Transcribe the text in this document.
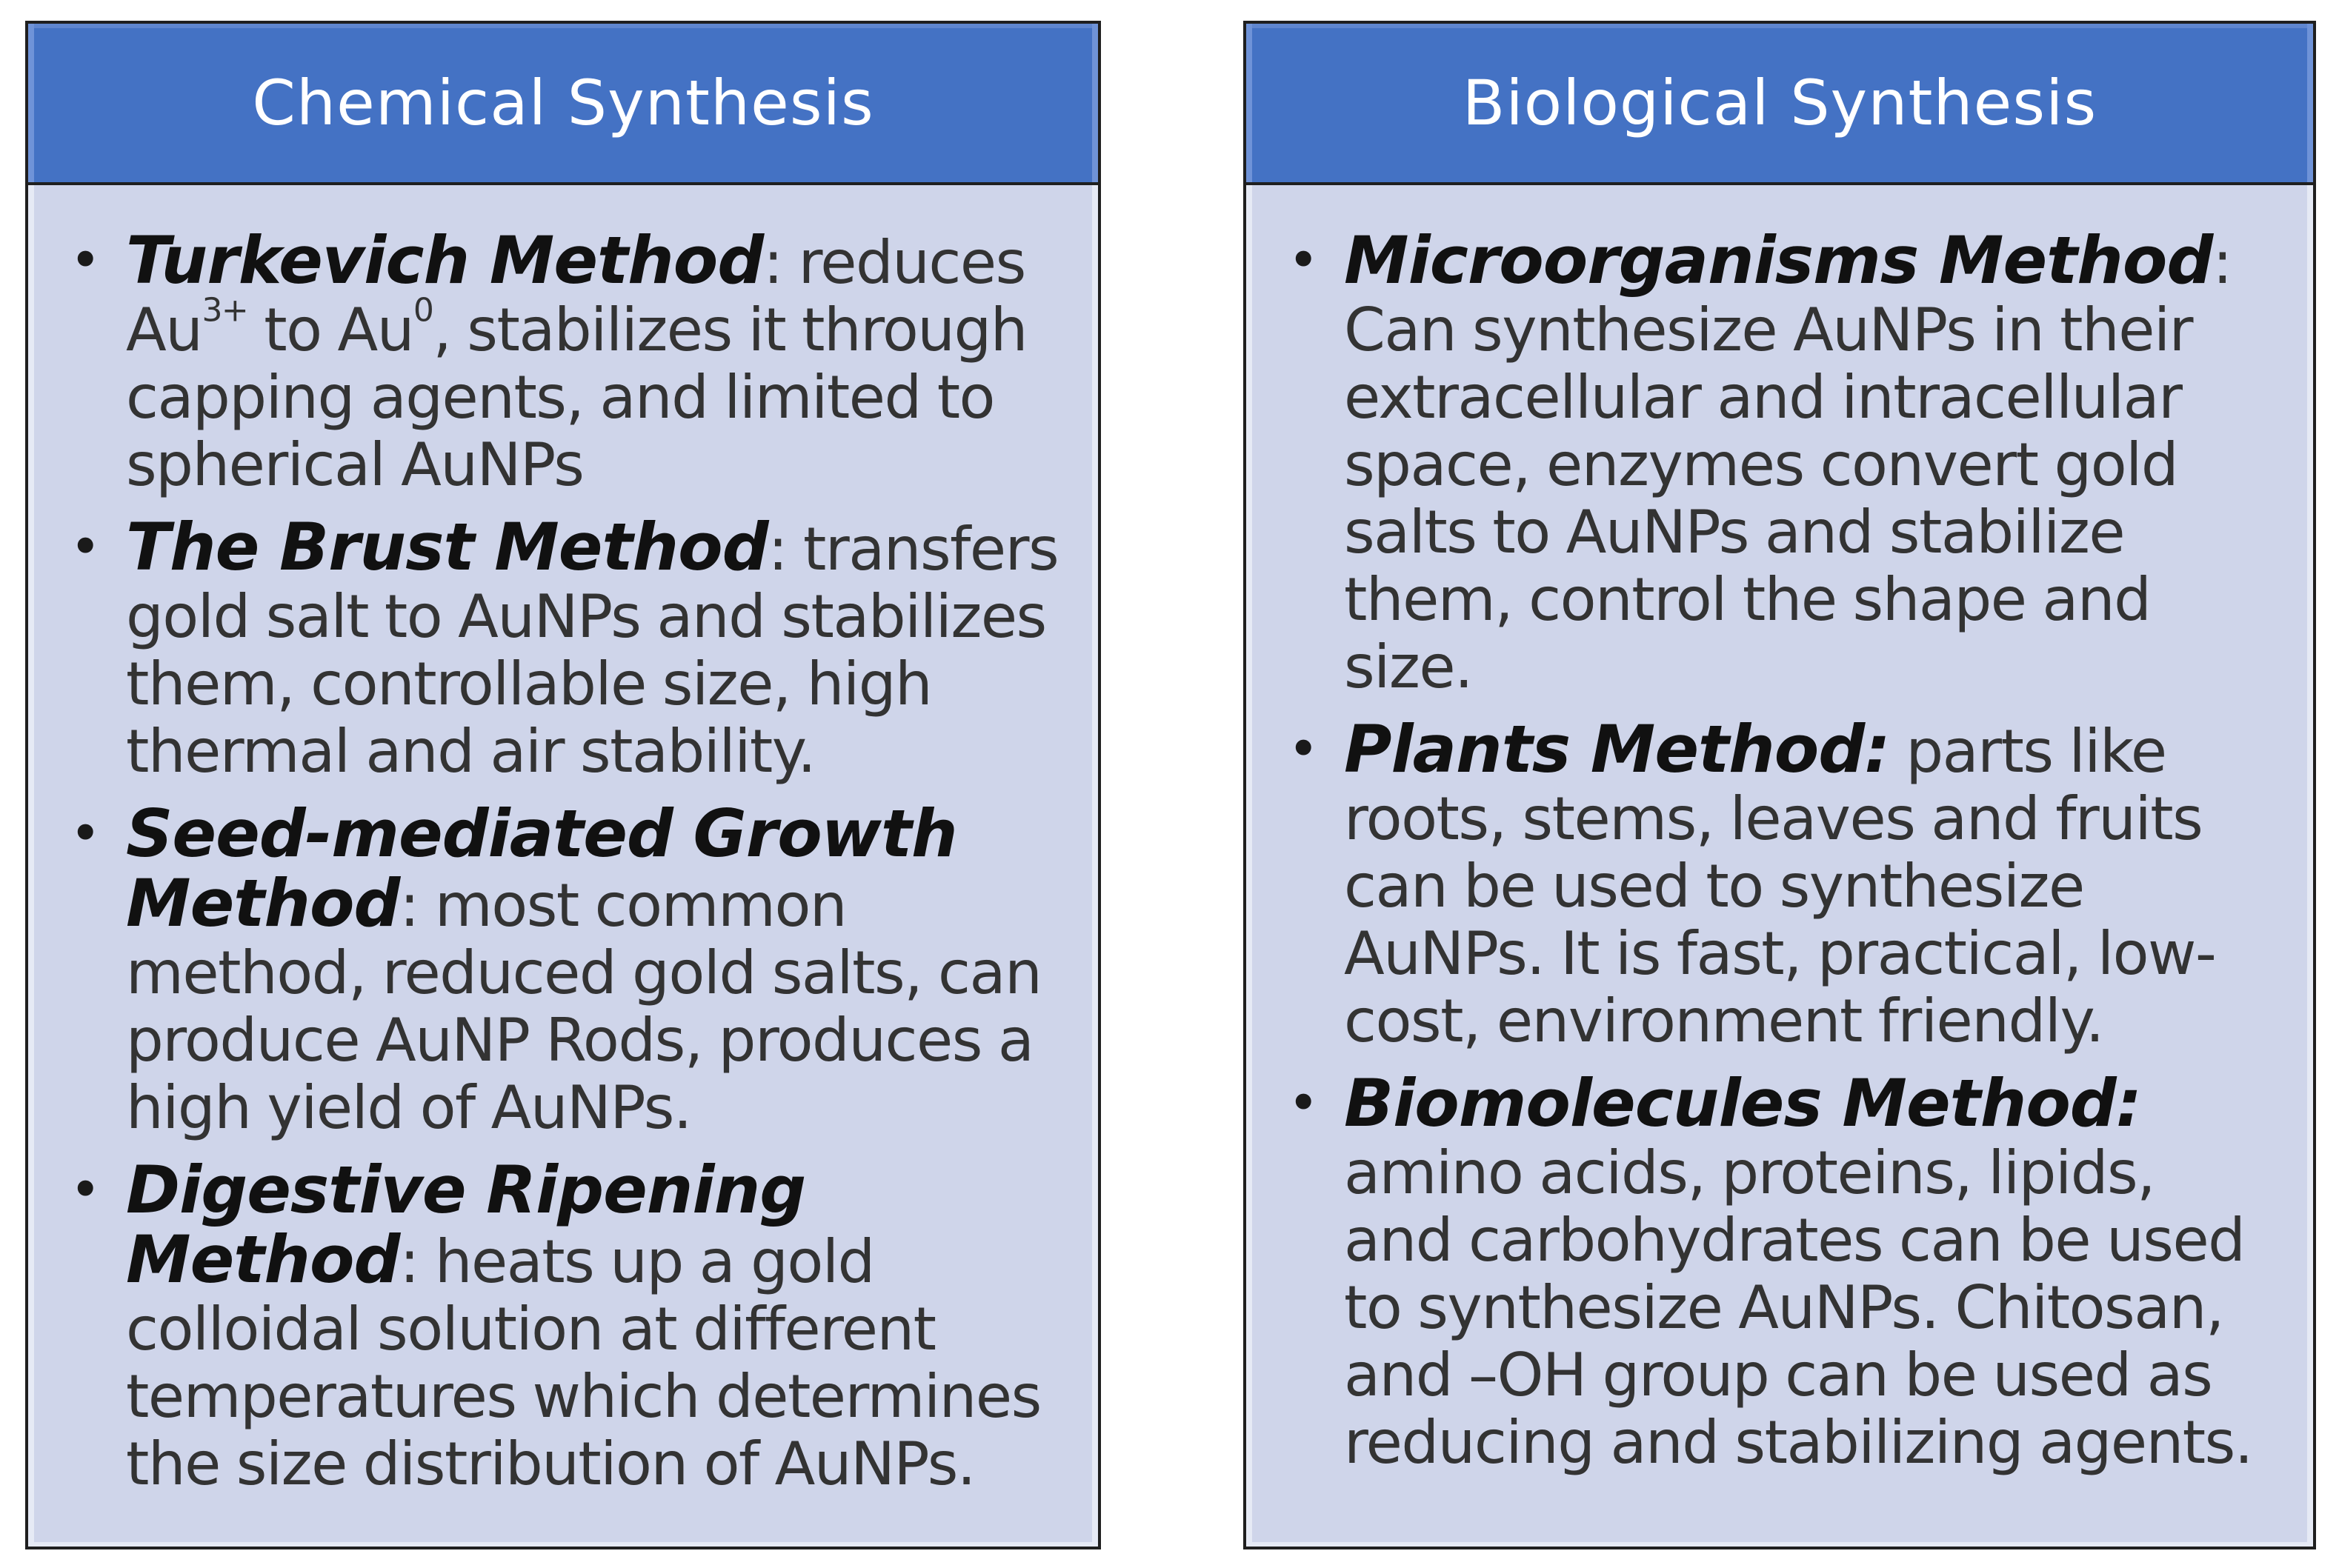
Chemical Synthesis
• Turkevich Method: reduces $Au^{3+}$ to Au$^0$, stabilizes it through capping agents, and limited to spherical AuNPs
• The Brust Method: transfers gold salt to AuNPs and stabilizes them, controllable size, high thermal and air stability.
• Seed-mediated Growth Method: most common method, reduced gold salts, can produce AuNP Rods, produces a high yield of AuNPs.
• Digestive Ripening Method: heats up a gold colloidal solution at different temperatures which determines the size distribution of AuNPs.
Biological Synthesis
• Microorganisms Method: Can synthesize AuNPs in their extracellular and intracellular space, enzymes convert gold salts to AuNPs and stabilize them, control the shape and size.
• Plants Method: parts like roots, stems, leaves and fruits can be used to synthesize AuNPs. It is fast, practical, low-cost, environment friendly.
• Biomolecules Method: amino acids, proteins, lipids, and carbohydrates can be used to synthesize AuNPs. Chitosan, and –OH group can be used as reducing and stabilizing agents.
